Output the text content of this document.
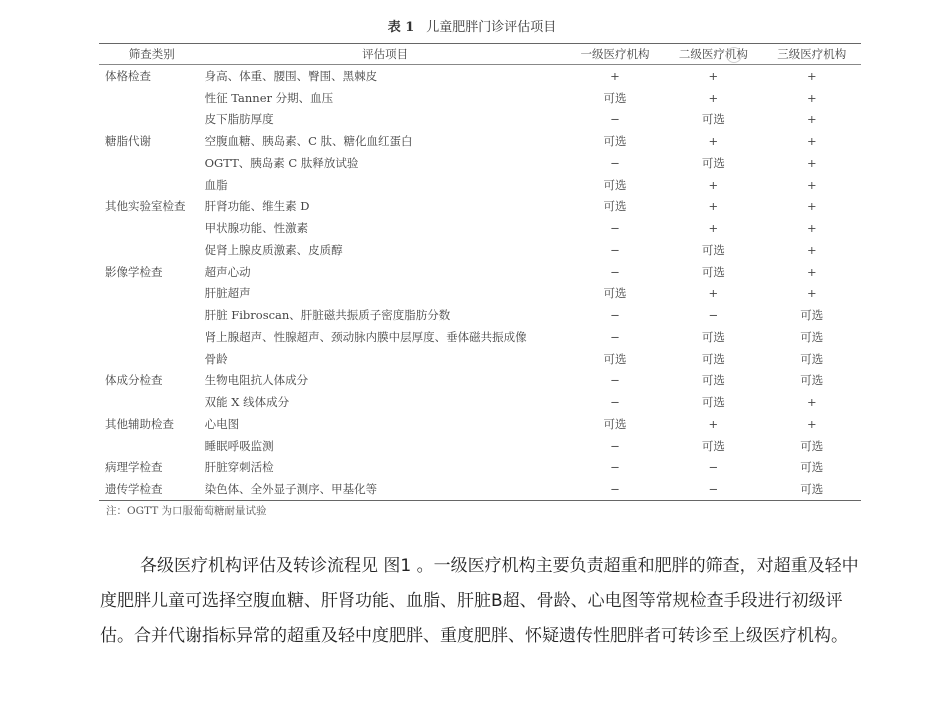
表 1 儿童肥胖门诊评估项目
筛查类别	评估项目	一级医疗机构	二级医疗机构	三级医疗机构
体格检查	身高、体重、腰围、臀围、黑棘皮	+	+	+
	性征 Tanner 分期、血压	可选	+	+
	皮下脂肪厚度	−	可选	+
糖脂代谢	空腹血糖、胰岛素、C 肽、糖化血红蛋白	可选	+	+
	OGTT、胰岛素 C 肽释放试验	−	可选	+
	血脂	可选	+	+
其他实验室检查	肝肾功能、维生素 D	可选	+	+
	甲状腺功能、性激素	−	+	+
	促肾上腺皮质激素、皮质醇	−	可选	+
影像学检查	超声心动	−	可选	+
	肝脏超声	可选	+	+
	肝脏 Fibroscan、肝脏磁共振质子密度脂肪分数	−	−	可选
	肾上腺超声、性腺超声、颈动脉内膜中层厚度、垂体磁共振成像	−	可选	可选
	骨龄	可选	可选	可选
体成分检查	生物电阻抗人体成分	−	可选	可选
	双能 X 线体成分	−	可选	+
其他辅助检查	心电图	可选	+	+
	睡眠呼吸监测	−	可选	可选
病理学检查	肝脏穿刺活检	−	−	可选
遗传学检查	染色体、全外显子测序、甲基化等	−	−	可选
注：OGTT 为口服葡萄糖耐量试验

各级医疗机构评估及转诊流程见 图1 。一级医疗机构主要负责超重和肥胖的筛查，对超重及轻中度肥胖儿童可选择空腹血糖、肝肾功能、血脂、肝脏B超、骨龄、心电图等常规检查手段进行初级评估。合并代谢指标异常的超重及轻中度肥胖、重度肥胖、怀疑遗传性肥胖者可转诊至上级医疗机构。
